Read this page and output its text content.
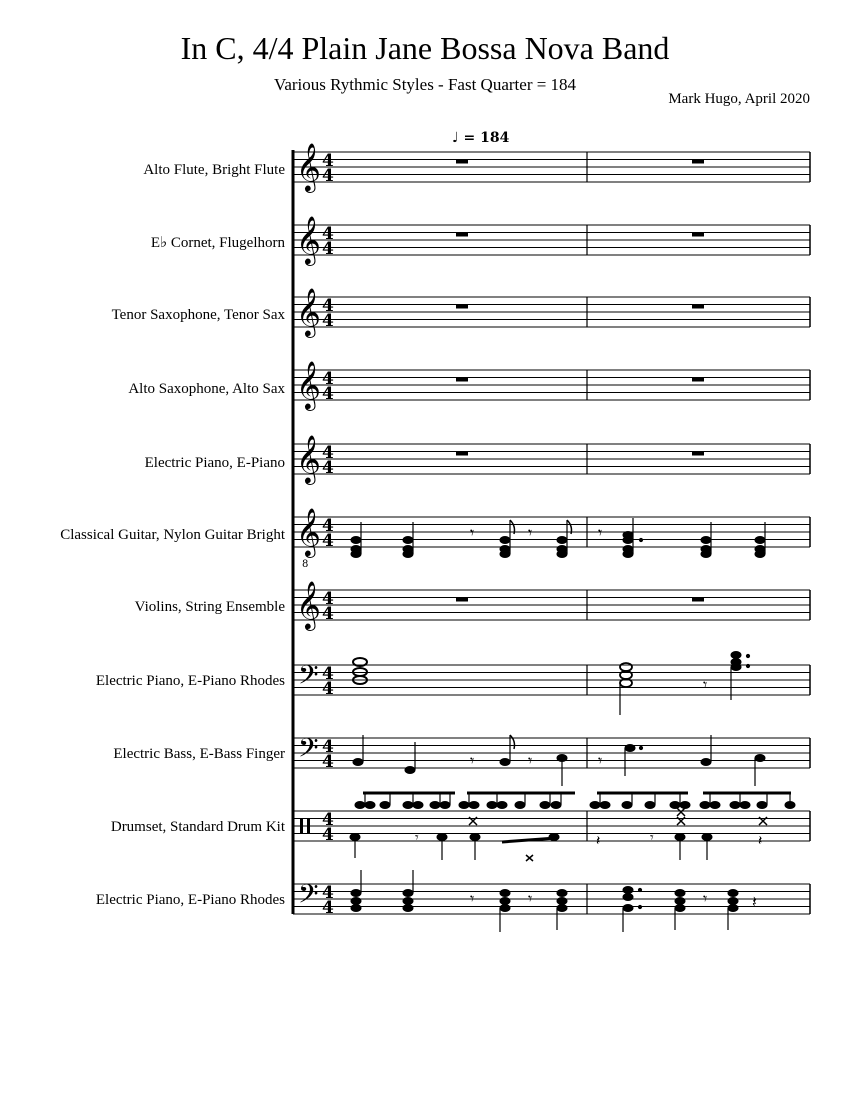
In C, 4/4 Plain Jane Bossa Nova Band
Various Rythmic Styles - Fast Quarter = 184
Mark Hugo, April 2020
♩ = 184
Alto Flute, Bright Flute
E♭ Cornet, Flugelhorn
Tenor Saxophone, Tenor Sax
Alto Saxophone, Alto Sax
Electric Piano, E-Piano
Classical Guitar, Nylon Guitar Bright
Violins, String Ensemble
Electric Piano, E-Piano Rhodes
Electric Bass, E-Bass Finger
Drumset, Standard Drum Kit
Electric Piano, E-Piano Rhodes
𝄞 4
4
𝄞 4
4
𝄞 4
4
𝄞 4
4
𝄞 4
4
𝄞
8
4
4
𝄞 4
4
𝄢 4
4
𝄢 4
4
4
4
𝄢 4
4
𝄾	𝄾	𝄾
𝄾
𝄾	𝄾	𝄾
𝄾	𝄽	𝄾	𝄽
𝄾	𝄾	𝄾	𝄽
